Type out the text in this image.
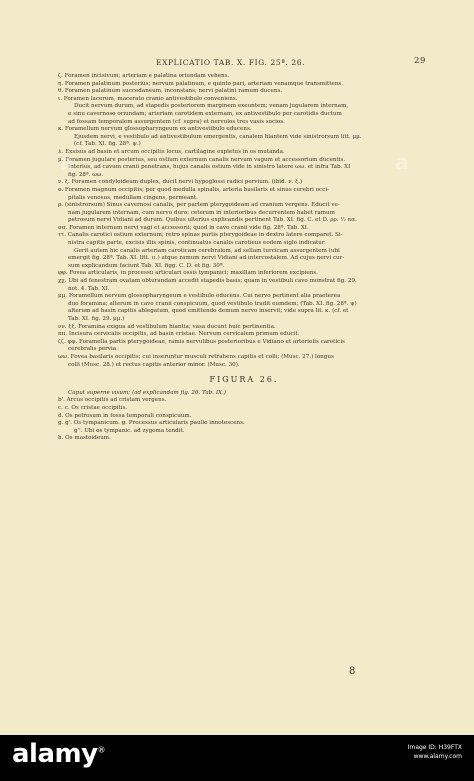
EXPLICATIO TAB. X. FIG. 25ª. 26.	29
ζ. Foramen incisivum; arteriam e palatina oriundam vehens.
η. Foramen palatinum posterius; nervum palatinum, e quinto pari, arteriam venamque transmittens.
θ. Foramen palatinum succedaneum, inconstans; nervi palatini ramum ducens.
ι. Foramen lacerum, macerato cranio antivestibulo conveniens.
Ducit nervum durum, ad stapedis posteriorem marginem exeuntem; venam jugularem internam,
e sinu cavernoso oriundam; arteriam carotidem externam, ex antivestibulo per carotidis ductum
ad fossam temporalem assurgentem (cf. supra) et nervulos tres vasis socios.
κ. Foramellum nervum glossopharyngeum ex antivestibulo educens.
Ejusdem nervi, e vestibulo ad antivestibulum emergentis, canalem hiantem vide sinistrorsum litt. μμ.
(cf. Tab. XI. fig. 28ª. ψ.)
λ. Exsisus ad basin et arcum occipitis locus, cartilagine expletus in os mutanda.
μ. Foramen jugulare posterius, seu ostium externum canalis nervum vagum et accessorium ducentis.
Interius, ad cavum cranii penetrans, hujus canalis ostium vide in sinistro latere ωω. et infra Tab. XI
fig. 28ª. ωω.
ν. ξ. Foramen condyloideum duplex, ducit nervi hypoglossi radici pervium. (ibid. ν. ξ.)
ο. Foramen magnum occipitis; per quod medulla spinalis, arteria basilaris et sinus cerebri occi-
pitalis venosus, medullam cingens, permeant.
ρ. (sinistrorsum) Sinus cavernosi canalis, per partem pterygoideam ad cranium vergens. Educit ve-
nam jugularem internam, cum nervo duro; ceterum in interioribus decurrentem habet ramum
petrosum nervi Vidiani ad durum. Quibus ulterius explicandis pertinent Tab. XI. fig. C. et D. ρρ. ½ αα.
σσ. Foramen internum nervi vagi et accessorii; quod in cavo cranii vide fig. 28ª. Tab. XI.
ττ. Canalis carotici ostium externum; retro spinas partis pterygoideae in dextro latere comparet. Si-
nistra capitis parte, excisis illis spinis, continuatus canalis carotieus eodem siglo indicatur.
Gerit autem hic canalis arteriam caroticam cerebralem, ad sellam turcicam assurgentem (ubi
emergit fig. 28ª. Tab. XI. litt. ιι.) atque ramum nervi Vidiani ad intercostalem. Ad cujus nervi cur-
sum explicandum faciunt Tab. XI. figg. C. D. et fig. 30ª.
φφ. Fovea articularis, in processu articulari ossis tympanici; maxillam inferiorem excipiens.
χχ. Ubi ad fenestram ovatam obturandam accedit stapedis basis; quam in vestibuli cavo monstrat fig. 29.
not. 4. Tab. XI.
μμ. Foramellum nervum glossopharyngeum e vestibulo educens. Cui nervo pertinent alia praeterea
duo foramina; alterum in cavo cranii conspicuum, quod vestibulo tradit eumdem; (Tab. XI. fig. 28ª. ψ)
alterum ad basin capitis ablegatum, quod emittendo demum nervo inservit; vide supra lit. κ. (cf. et
Tab. XI. fig. 29. μμ.)
νν. ξξ. Foramina exigua ad vestibulum hiantia; vasa ducunt huic pertinentia.
ππ. Incisura cervicalis occipitis, ad basin cristae. Nervum cervicalem primum educit.
ζζ. φφ. Foramella partis pterygoideae, ramis nervulibus posterioribus e Vidiano et arteriolis caroticis
cerebralis pervia.
ωω. Fovea basilaris occipitis; cui inseruntur musculi retrahens capitis et colli; (Musc. 27.) longus
colli (Musc. 28.) et rectus capitis anterior minor. (Musc. 30).
FIGURA 26.
Caput superne visum; (ad explicandam fig. 26. Tab. IX.)
b'. Arcus occipitis ad cristam vergens.
c. c. Os cristae occipitis.
d. Os petrosum in fossa temporali conspicuum.
g. g'. Os tympanicum. g. Processus articularis paullo innotescens.
g''. Ubi os tympanic. ad zygoma tendit.
h. Os mastoideum.
8
a	a
alamy®	Image ID: H39FTX
www.alamy.com
